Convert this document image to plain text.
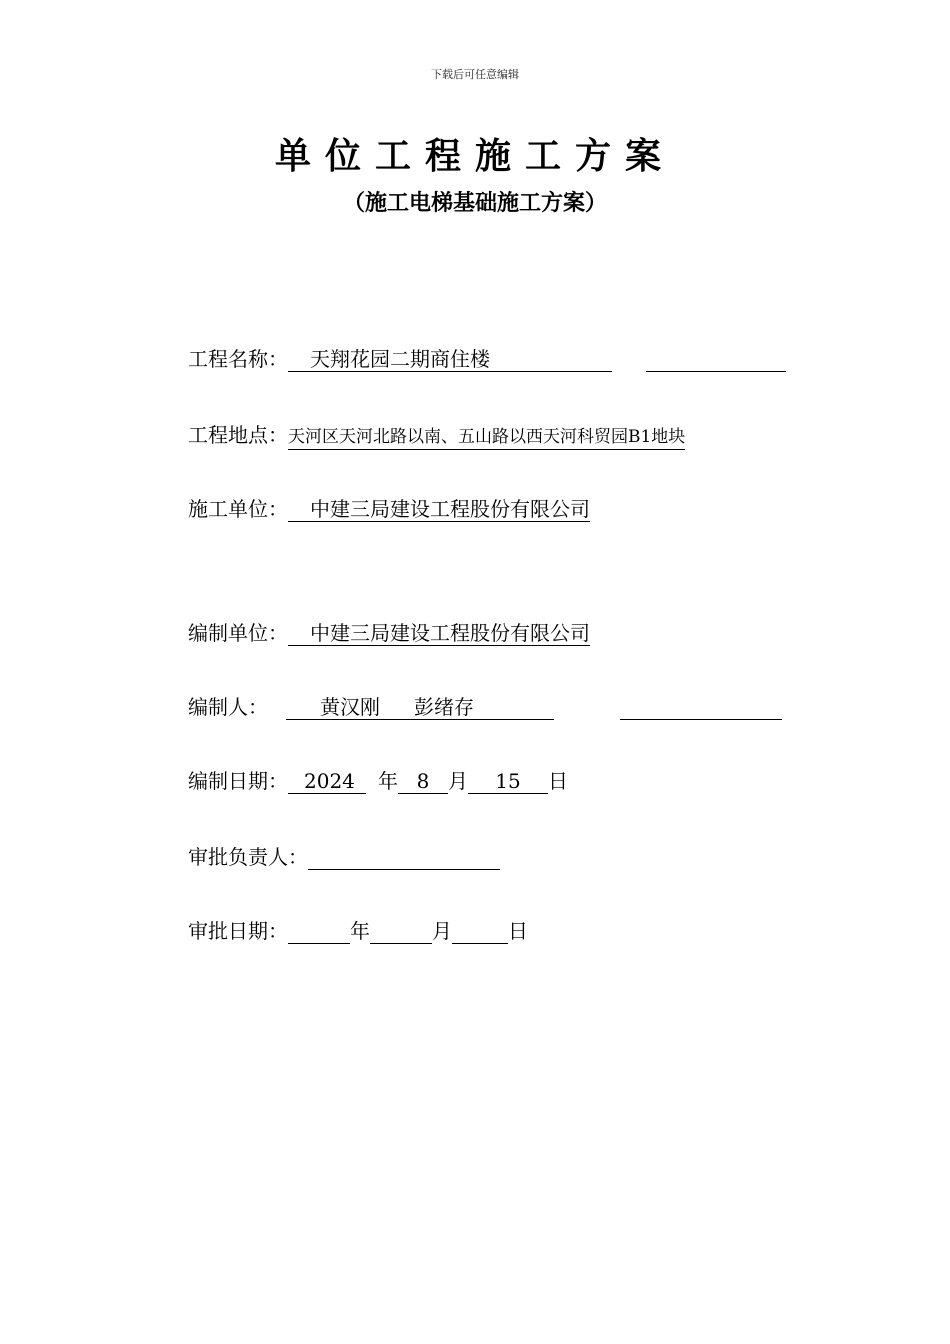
下载后可任意编辑
单位工程施工方案
（施工电梯基础施工方案）
工程名称： 天翔花园二期商住楼
工程地点：天河区天河北路以南、五山路以西天河科贸园B1地块
施工单位： 中建三局建设工程股份有限公司
编制单位： 中建三局建设工程股份有限公司
编制人：	黄汉刚 彭绪存
编制日期： 2024 年 8 月 15 日
审批负责人：
审批日期：	年	月	日
